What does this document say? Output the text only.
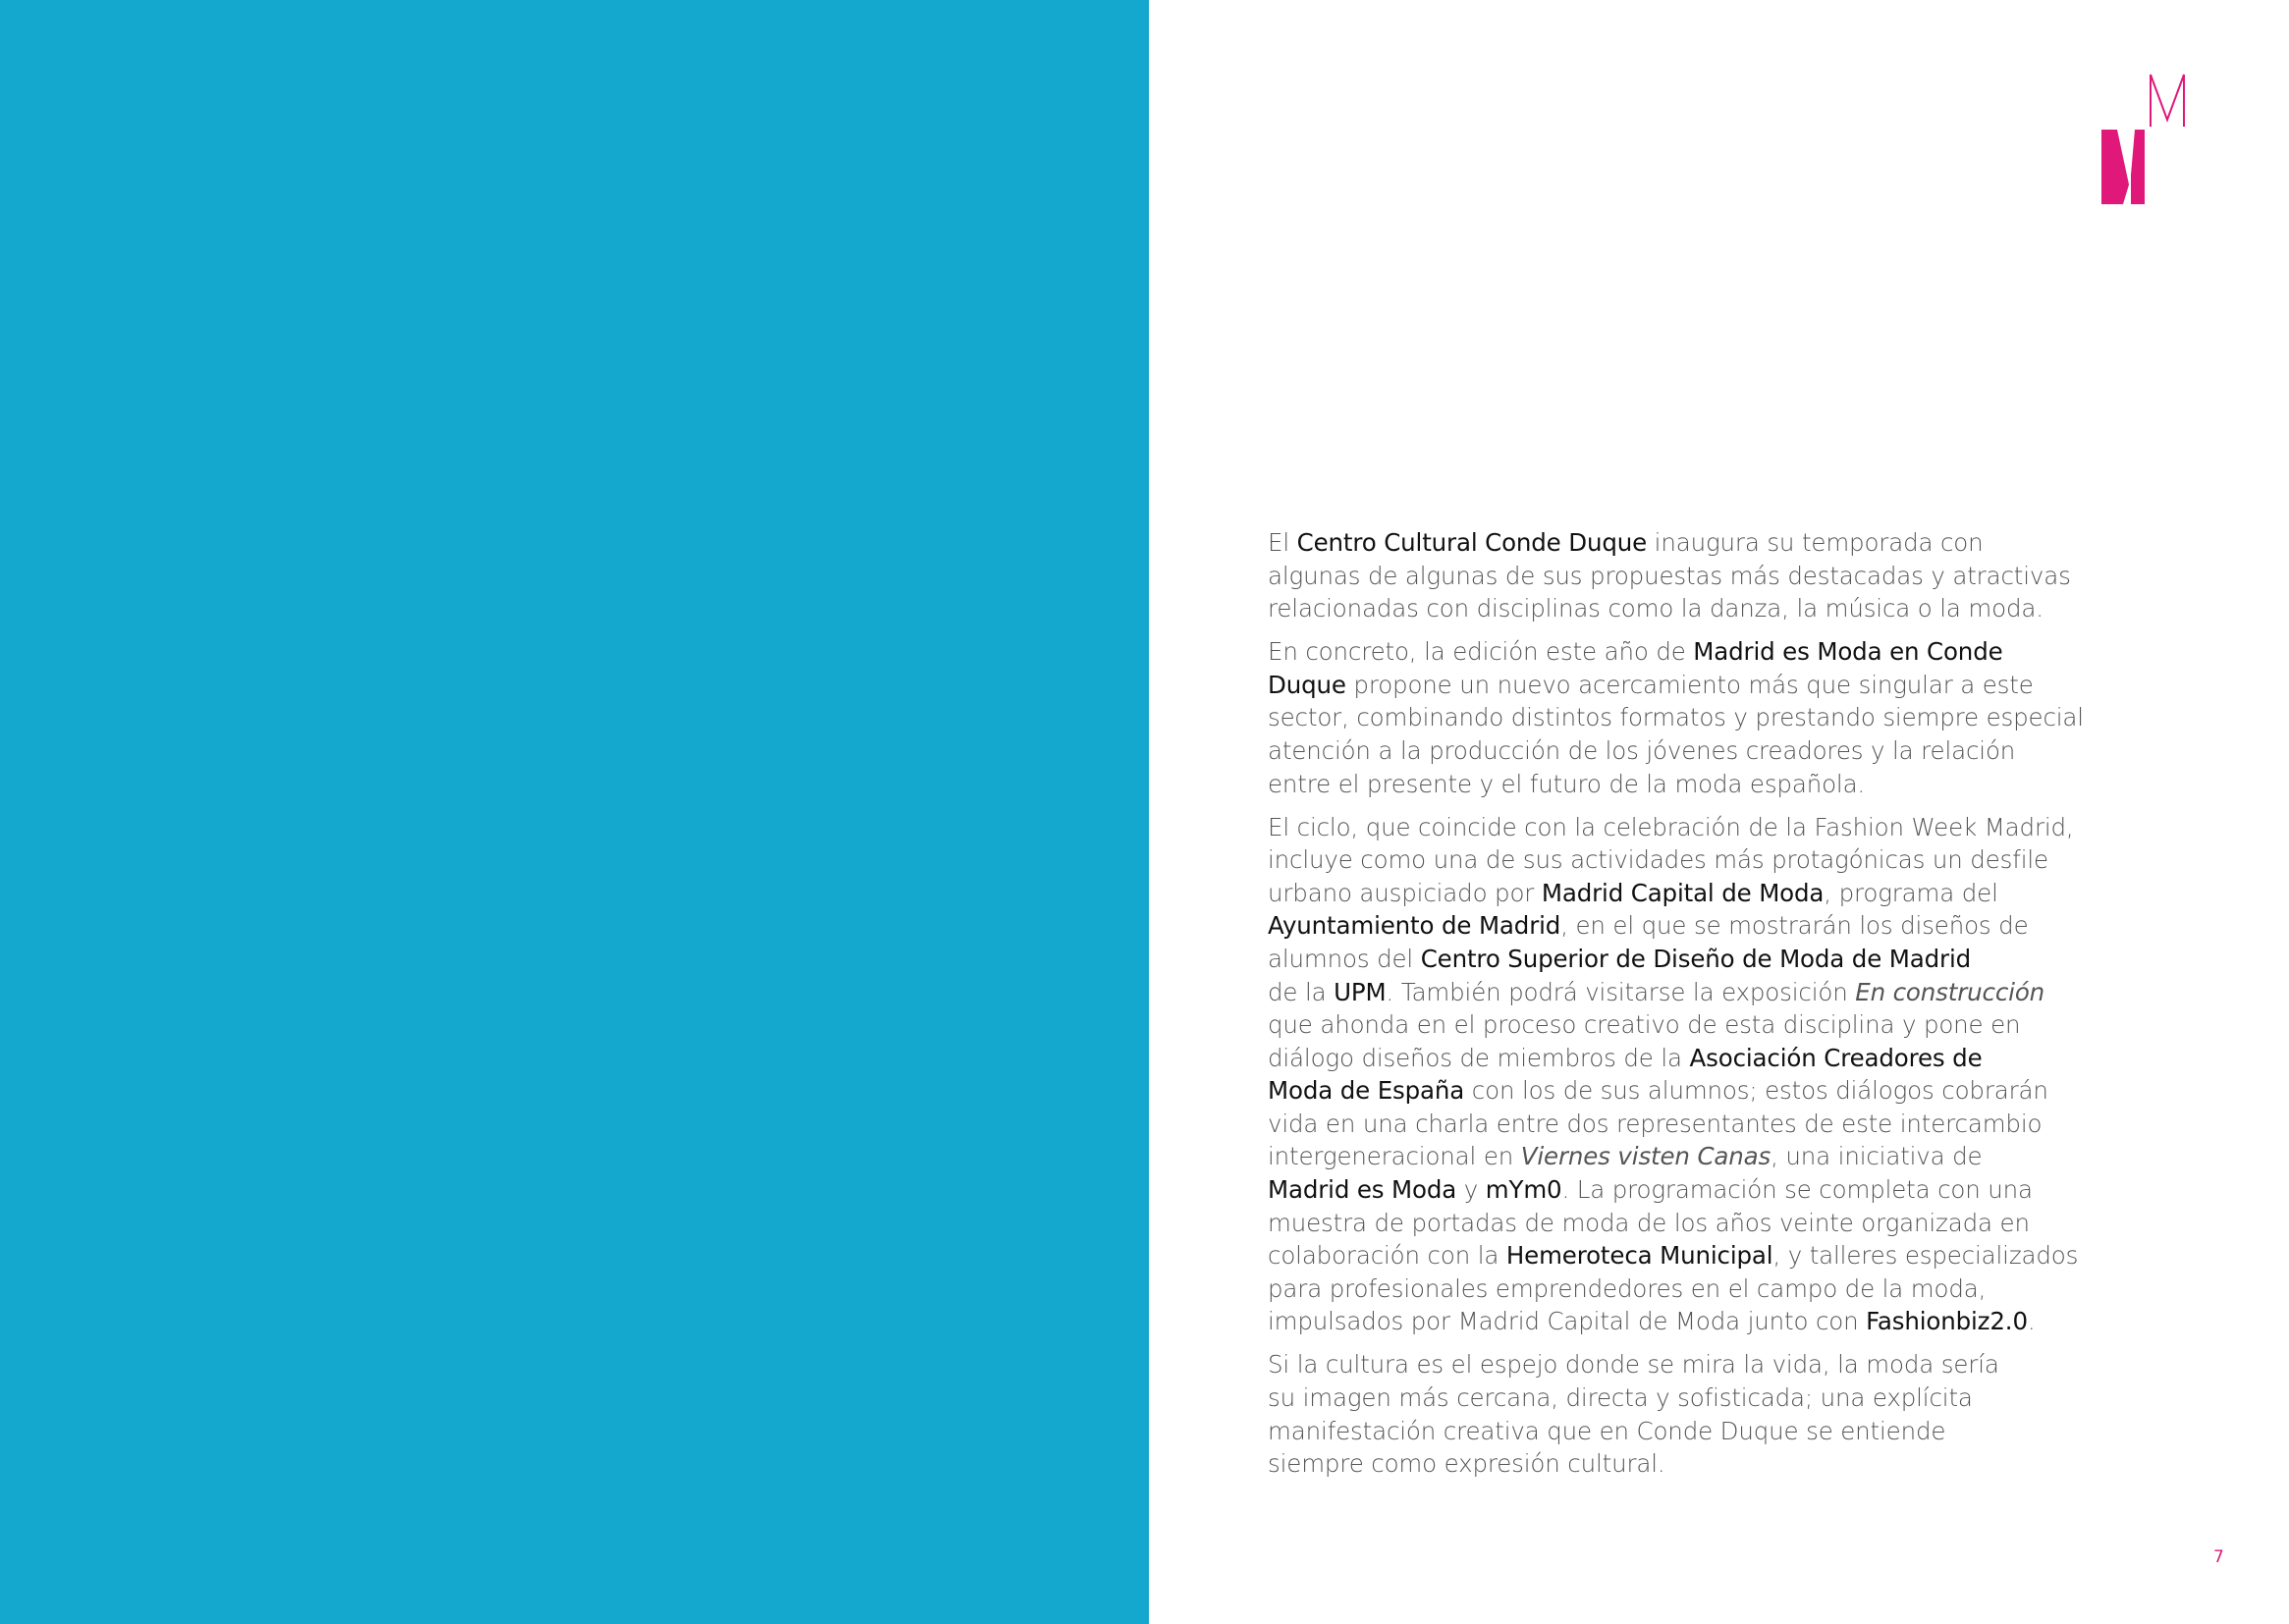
El Centro Cultural Conde Duque inaugura su temporada con
algunas de algunas de sus propuestas más destacadas y atractivas
relacionadas con disciplinas como la danza, la música o la moda.

En concreto, la edición este año de Madrid es Moda en Conde
Duque propone un nuevo acercamiento más que singular a este
sector, combinando distintos formatos y prestando siempre especial
atención a la producción de los jóvenes creadores y la relación
entre el presente y el futuro de la moda española.

El ciclo, que coincide con la celebración de la Fashion Week Madrid,
incluye como una de sus actividades más protagónicas un desfile
urbano auspiciado por Madrid Capital de Moda, programa del
Ayuntamiento de Madrid, en el que se mostrarán los diseños de
alumnos del Centro Superior de Diseño de Moda de Madrid
de la UPM. También podrá visitarse la exposición En construcción
que ahonda en el proceso creativo de esta disciplina y pone en
diálogo diseños de miembros de la Asociación Creadores de
Moda de España con los de sus alumnos; estos diálogos cobrarán
vida en una charla entre dos representantes de este intercambio
intergeneracional en Viernes visten Canas, una iniciativa de
Madrid es Moda y mYm0. La programación se completa con una
muestra de portadas de moda de los años veinte organizada en
colaboración con la Hemeroteca Municipal, y talleres especializados
para profesionales emprendedores en el campo de la moda,
impulsados por Madrid Capital de Moda junto con Fashionbiz2.0.

Si la cultura es el espejo donde se mira la vida, la moda sería
su imagen más cercana, directa y sofisticada; una explícita
manifestación creativa que en Conde Duque se entiende
siempre como expresión cultural.

7
